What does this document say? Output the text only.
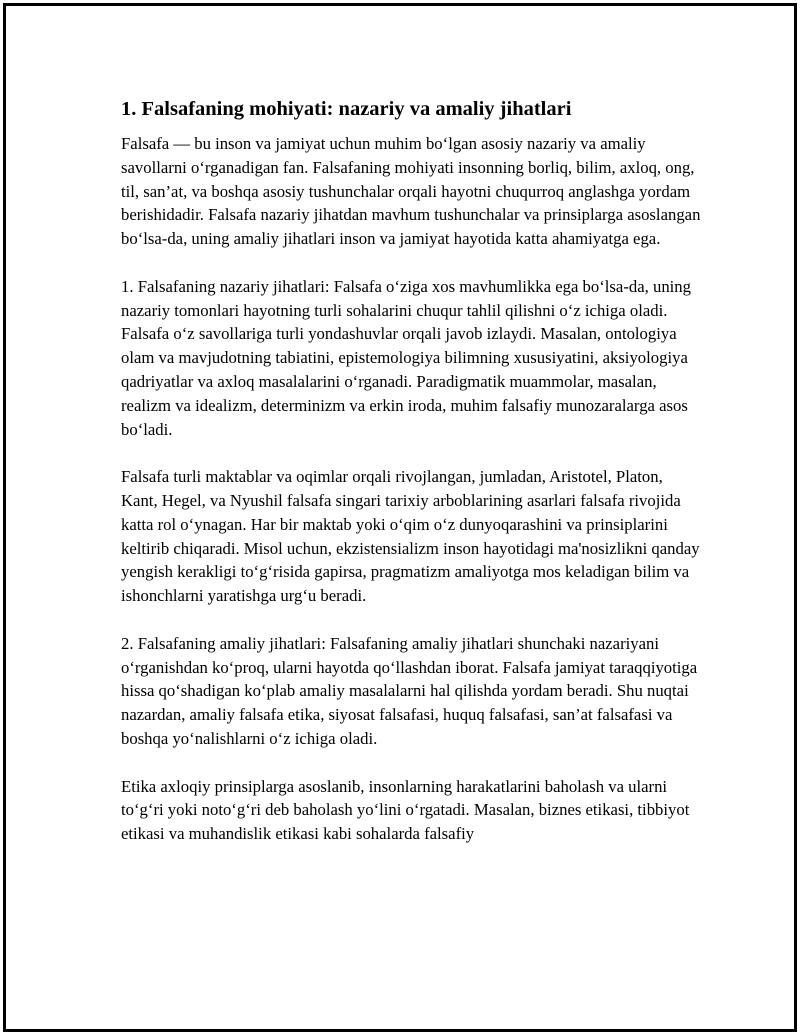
1. Falsafaning mohiyati: nazariy va amaliy jihatlari

Falsafa — bu inson va jamiyat uchun muhim bo‘lgan asosiy nazariy va amaliy savollarni o‘rganadigan fan. Falsafaning mohiyati insonning borliq, bilim, axloq, ong, til, san’at, va boshqa asosiy tushunchalar orqali hayotni chuqurroq anglashga yordam berishidadir. Falsafa nazariy jihatdan mavhum tushunchalar va prinsiplarga asoslangan bo‘lsa-da, uning amaliy jihatlari inson va jamiyat hayotida katta ahamiyatga ega.

1. Falsafaning nazariy jihatlari: Falsafa o‘ziga xos mavhumlikka ega bo‘lsa-da, uning nazariy tomonlari hayotning turli sohalarini chuqur tahlil qilishni o‘z ichiga oladi. Falsafa o‘z savollariga turli yondashuvlar orqali javob izlaydi. Masalan, ontologiya olam va mavjudotning tabiatini, epistemologiya bilimning xususiyatini, aksiyologiya qadriyatlar va axloq masalalarini o‘rganadi. Paradigmatik muammolar, masalan, realizm va idealizm, determinizm va erkin iroda, muhim falsafiy munozaralarga asos bo‘ladi.

Falsafa turli maktablar va oqimlar orqali rivojlangan, jumladan, Aristotel, Platon, Kant, Hegel, va Nyushil falsafa singari tarixiy arboblarining asarlari falsafa rivojida katta rol o‘ynagan. Har bir maktab yoki o‘qim o‘z dunyoqarashini va prinsiplarini keltirib chiqaradi. Misol uchun, ekzistensializm inson hayotidagi ma'nosizlikni qanday yengish kerakligi to‘g‘risida gapirsa, pragmatizm amaliyotga mos keladigan bilim va ishonchlarni yaratishga urg‘u beradi.

2. Falsafaning amaliy jihatlari: Falsafaning amaliy jihatlari shunchaki nazariyani o‘rganishdan ko‘proq, ularni hayotda qo‘llashdan iborat. Falsafa jamiyat taraqqiyotiga hissa qo‘shadigan ko‘plab amaliy masalalarni hal qilishda yordam beradi. Shu nuqtai nazardan, amaliy falsafa etika, siyosat falsafasi, huquq falsafasi, san’at falsafasi va boshqa yo‘nalishlarni o‘z ichiga oladi.

Etika axloqiy prinsiplarga asoslanib, insonlarning harakatlarini baholash va ularni to‘g‘ri yoki noto‘g‘ri deb baholash yo‘lini o‘rgatadi. Masalan, biznes etikasi, tibbiyot etikasi va muhandislik etikasi kabi sohalarda falsafiy
